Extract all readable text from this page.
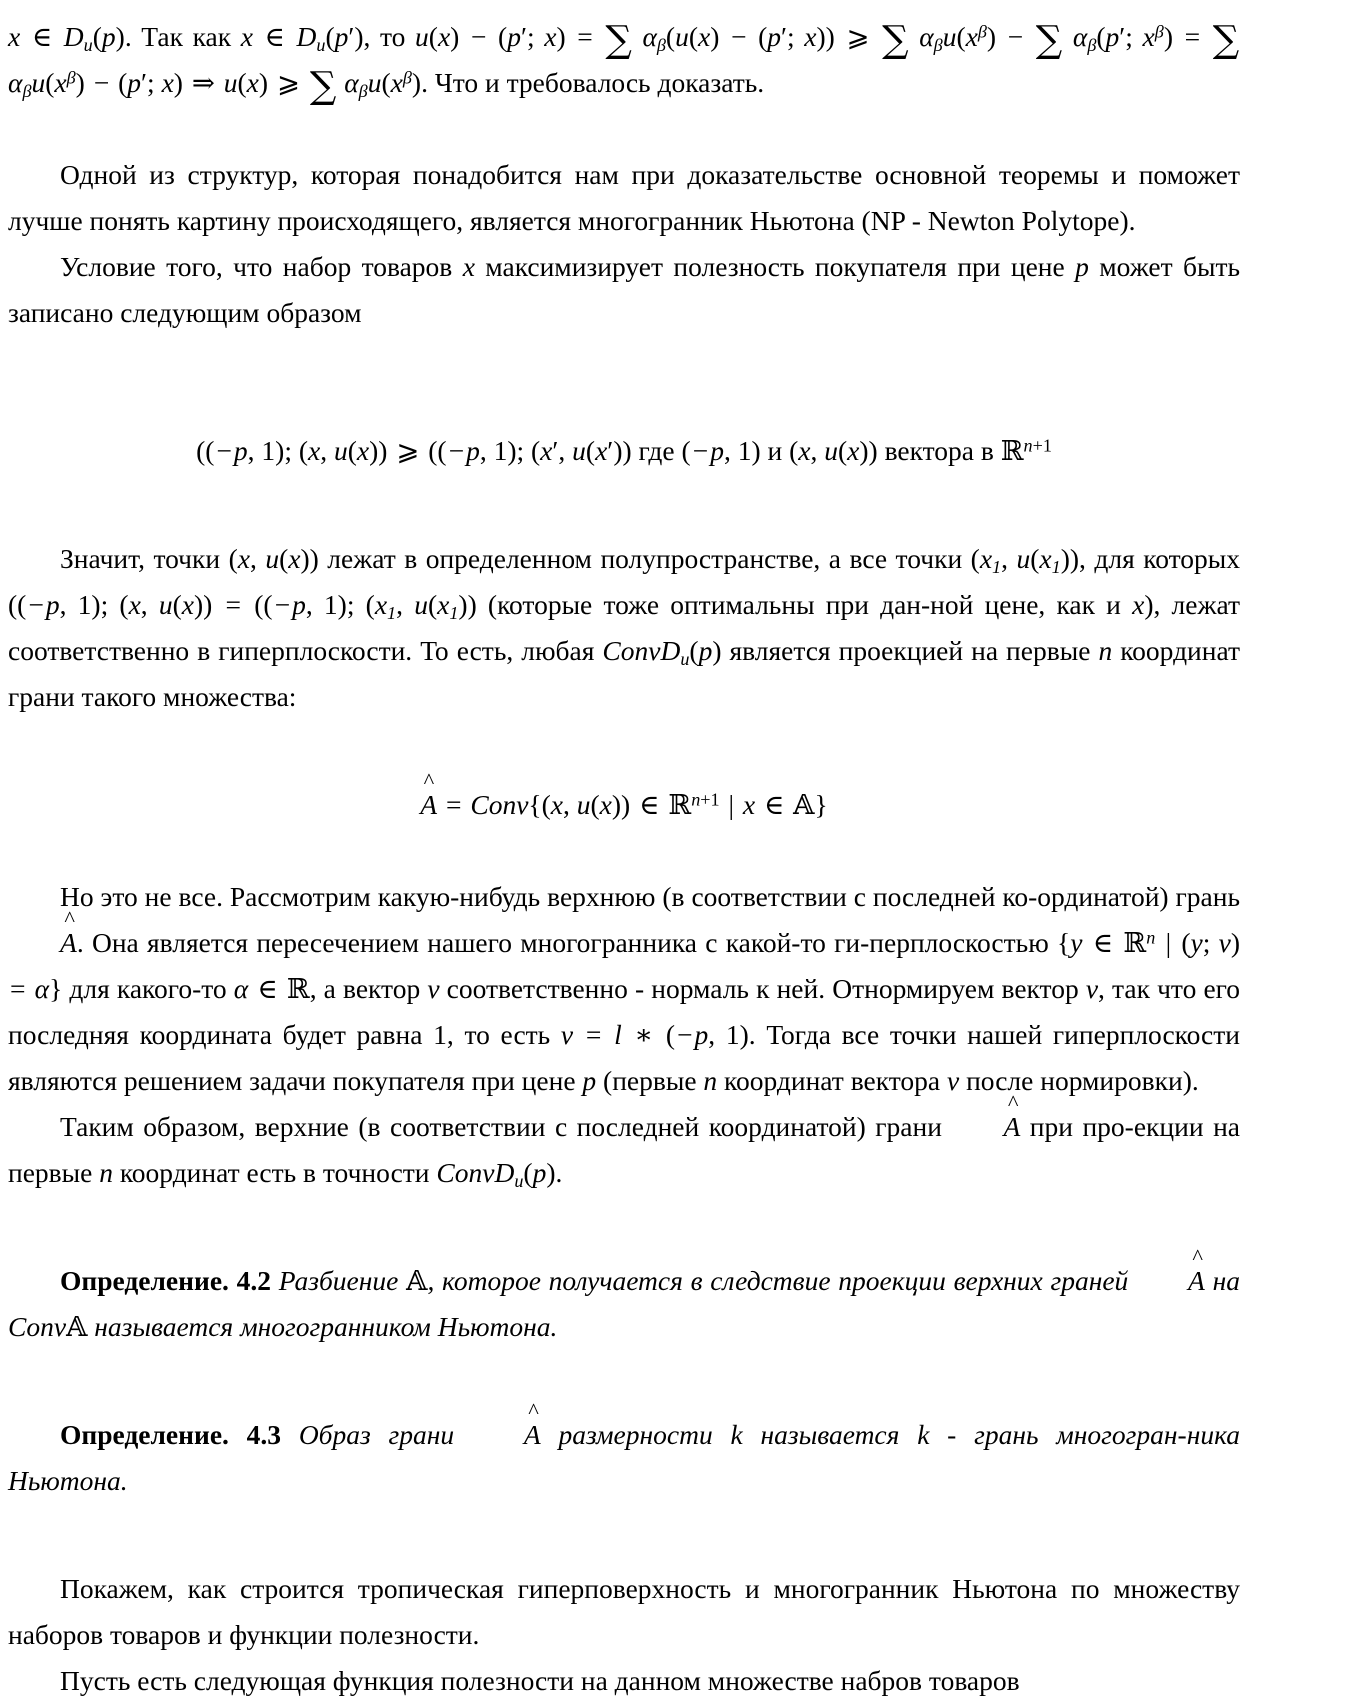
x ∈ $D_u(p)$. Так как x ∈ $D_u(p')$, то u(x) − (p′; x) = ∑ $\alpha_\beta(u(x) - (p'$; x)) ⩾ ∑ $\alpha_\beta u(x^\beta)$ − ∑ $\alpha_\beta(p'$; $x^\beta$) = ∑ $\alpha_\beta u(x^\beta) - (p'$; x) ⇒ u(x) ⩾ ∑ $\alpha_\beta u(x^\beta)$. Что и требовалось доказать.

Одной из структур, которая понадобится нам при доказательстве основной теоремы и поможет лучше понять картину происходящего, является многогранник Ньютона (NP - Newton Polytope).

Условие того, что набор товаров x максимизирует полезность покупателя при цене p может быть записано следующим образом

((−p, 1); (x, u(x)) ⩾ ((−p, 1); (x′, u(x′)) где (−p, 1) и (x, u(x)) вектора в ℝ$^{n+1}$

Значит, точки (x, u(x)) лежат в определенном полупространстве, а все точки ($x_1$, $u(x_1)$), для которых ((−p, 1); (x, u(x)) = ((−p, 1); ($x_1$, $u(x_1)$) (которые тоже оптимальны при дан‐ной цене, как и x), лежат соответственно в гиперплоскости. То есть, любая ConvD$_u$(p) является проекцией на первые n координат грани такого множества:

^
A = Conv{(x, u(x)) ∈ ℝ$^{n+1}$ | x ∈ 𝔸}

Но это не все. Рассмотрим какую-нибудь верхнюю (в соответствии с последней ко‐ординатой) грань
^
A. Она является пересечением нашего многогранника с какой-то ги‐перплоскостью {y ∈ ℝ$^n$ | (y; v) = α} для какого-то α ∈ ℝ, а вектор v соответственно - нормаль к ней. Отнормируем вектор v, так что его последняя координата будет равна 1, то есть v = l ∗ (−p, 1). Тогда все точки нашей гиперплоскости являются решением задачи покупателя при цене p (первые n координат вектора v после нормировки).

Таким образом, верхние (в соответствии с последней координатой) грани
^
A при про‐екции на первые n координат есть в точности ConvD$_u$(p).

Определение. 4.2 Разбиение 𝔸, которое получается в следствие проекции верхних граней
^
A на Conv𝔸 называется многогранником Ньютона.

Определение. 4.3 Образ грани
^
A размерности k называется k - грань многогран‐ника Ньютона.

Покажем, как строится тропическая гиперповерхность и многогранник Ньютона по множеству наборов товаров и функции полезности.

Пусть есть следующая функция полезности на данном множестве набров товаров
